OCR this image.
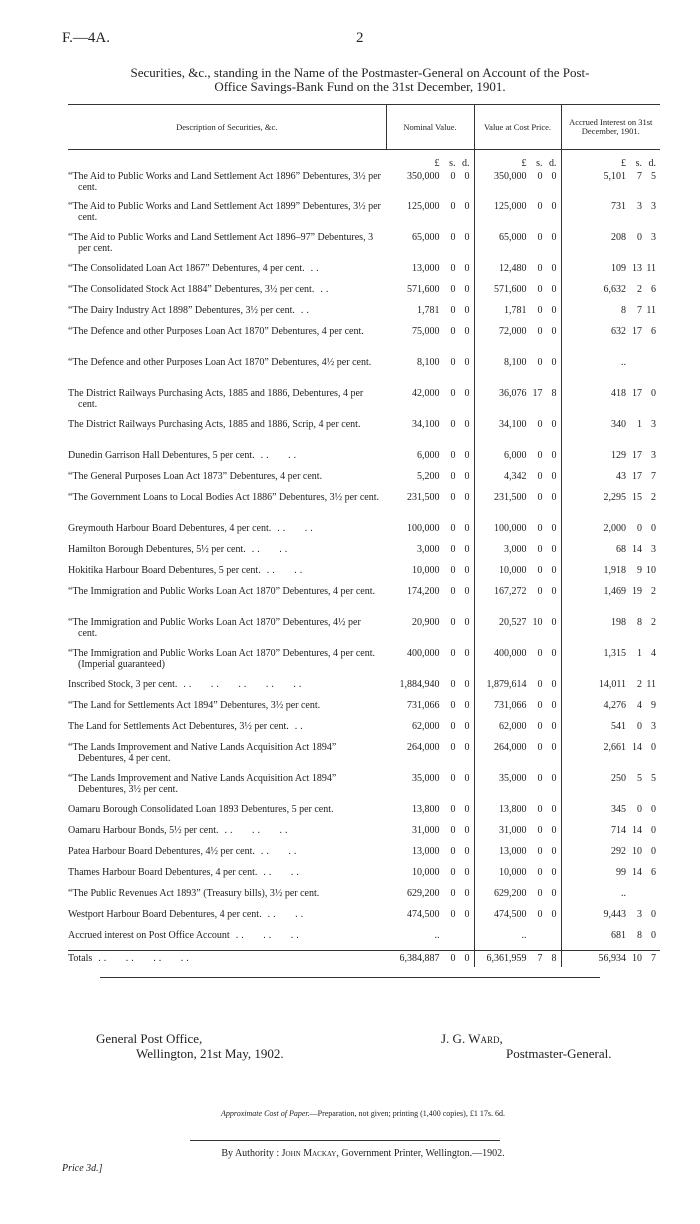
F.—4A.	2
Securities, &c., standing in the Name of the Postmaster-General on Account of the Post-
Office Savings-Bank Fund on the 31st December, 1901.
Description of Securities, &c.	Nominal Value.	Value at Cost Price.	Accrued Interest on 31st December, 1901.

	£ s. d.	£ s. d.	£ s. d.

“The Aid to Public Works and Land Settlement Act 1896” Debentures, 3½ per cent.	350,000 0 0	350,000 0 0	5,101 7 5

“The Aid to Public Works and Land Settlement Act 1899” Debentures, 3½ per cent.	125,000 0 0	125,000 0 0	731 3 3

“The Aid to Public Works and Land Settlement Act 1896–97” Debentures, 3 per cent.	65,000 0 0	65,000 0 0	208 0 3

“The Consolidated Loan Act 1867” Debentures, 4 per cent. ..	13,000 0 0	12,480 0 0	109 13 11

“The Consolidated Stock Act 1884” Debentures, 3½ per cent. ..	571,600 0 0	571,600 0 0	6,632 2 6

“The Dairy Industry Act 1898” Debentures, 3½ per cent. ..	1,781 0 0	1,781 0 0	8 7 11

“The Defence and other Purposes Loan Act 1870” Debentures, 4 per cent.	75,000 0 0	72,000 0 0	632 17 6

“The Defence and other Purposes Loan Act 1870” Debentures, 4½ per cent.	8,100 0 0	8,100 0 0	..

The District Railways Purchasing Acts, 1885 and 1886, Debentures, 4 per cent.	42,000 0 0	36,076 17 8	418 17 0

The District Railways Purchasing Acts, 1885 and 1886, Scrip, 4 per cent.	34,100 0 0	34,100 0 0	340 1 3

Dunedin Garrison Hall Debentures, 5 per cent. ..   ..	6,000 0 0	6,000 0 0	129 17 3

“The General Purposes Loan Act 1873” Debentures, 4 per cent.	5,200 0 0	4,342 0 0	43 17 7

“The Government Loans to Local Bodies Act 1886” Debentures, 3½ per cent.	231,500 0 0	231,500 0 0	2,295 15 2

Greymouth Harbour Board Debentures, 4 per cent. ..   ..	100,000 0 0	100,000 0 0	2,000 0 0

Hamilton Borough Debentures, 5½ per cent. ..   ..	3,000 0 0	3,000 0 0	68 14 3

Hokitika Harbour Board Debentures, 5 per cent. ..   ..	10,000 0 0	10,000 0 0	1,918 9 10

“The Immigration and Public Works Loan Act 1870” Debentures, 4 per cent.	174,200 0 0	167,272 0 0	1,469 19 2

“The Immigration and Public Works Loan Act 1870” Debentures, 4½ per cent.	20,900 0 0	20,527 10 0	198 8 2

“The Immigration and Public Works Loan Act 1870” Debentures, 4 per cent. (Imperial guaranteed)	400,000 0 0	400,000 0 0	1,315 1 4

Inscribed Stock, 3 per cent. ..   ..   ..   ..   ..	1,884,940 0 0	1,879,614 0 0	14,011 2 11

“The Land for Settlements Act 1894” Debentures, 3½ per cent.	731,066 0 0	731,066 0 0	4,276 4 9

The Land for Settlements Act Debentures, 3½ per cent. ..	62,000 0 0	62,000 0 0	541 0 3

“The Lands Improvement and Native Lands Acquisition Act 1894” Debentures, 4 per cent.	264,000 0 0	264,000 0 0	2,661 14 0

“The Lands Improvement and Native Lands Acquisition Act 1894” Debentures, 3½ per cent.	35,000 0 0	35,000 0 0	250 5 5

Oamaru Borough Consolidated Loan 1893 Debentures, 5 per cent.	13,800 0 0	13,800 0 0	345 0 0

Oamaru Harbour Bonds, 5½ per cent. ..   ..   ..	31,000 0 0	31,000 0 0	714 14 0

Patea Harbour Board Debentures, 4½ per cent. ..   ..	13,000 0 0	13,000 0 0	292 10 0

Thames Harbour Board Debentures, 4 per cent. ..   ..	10,000 0 0	10,000 0 0	99 14 6

“The Public Revenues Act 1893” (Treasury bills), 3½ per cent.	629,200 0 0	629,200 0 0	..

Westport Harbour Board Debentures, 4 per cent. ..   ..	474,500 0 0	474,500 0 0	9,443 3 0

Accrued interest on Post Office Account ..   ..   ..	..	..	681 8 0

Totals ..   ..   ..   ..	6,384,887 0 0	6,361,959 7 8	56,934 10 7
General Post Office,
Wellington, 21st May, 1902.
J. G. Ward,
Postmaster-General.
Approximate Cost of Paper.—Preparation, not given; printing (1,400 copies), £1 17s. 6d.
By Authority : John Mackay, Government Printer, Wellington.—1902.
Price 3d.]
